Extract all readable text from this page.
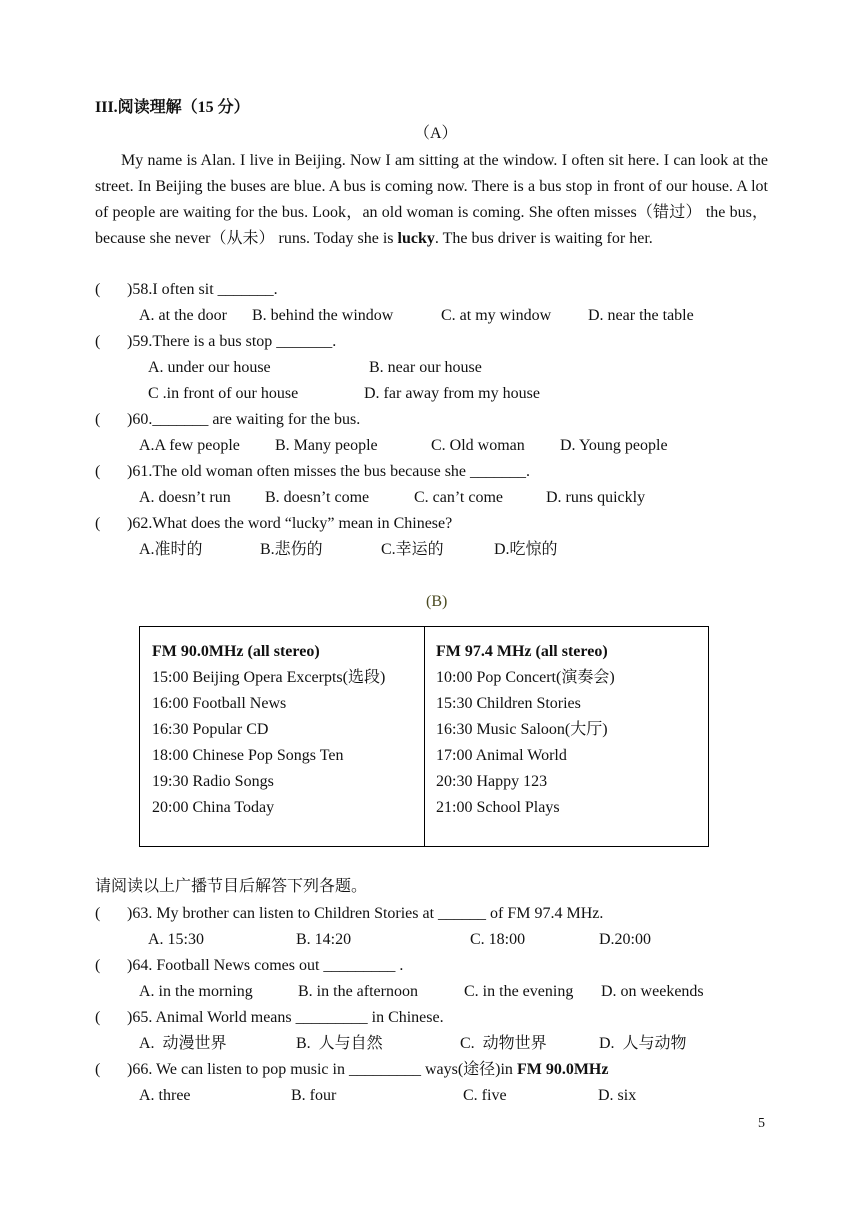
III.阅读理解（15 分）
（A）
My name is Alan. I live in Beijing. Now I am sitting at the window. I often sit here. I can look at the street. In Beijing the buses are blue. A bus is coming now. There is a bus stop in front of our house. A lot of people are waiting for the bus. Look，an old woman is coming. She often misses（错过） the bus，because she never（从未） runs. Today she is lucky. The bus driver is waiting for her.
( )58.I often sit _______.
A. at the door B. behind the window	C. at my window D. near the table
( )59.There is a bus stop _______.
A. under our house	B. near our house
C .in front of our house	D. far away from my house
( )60._______ are waiting for the bus.
A.A few people B. Many people	C. Old woman D. Young people
( )61.The old woman often misses the bus because she _______.
A. doesn’t run B. doesn’t come	C. can’t come	D. runs quickly
( )62.What does the word “lucky” mean in Chinese?
A.准时的	B.悲伤的	C.幸运的	D.吃惊的
(B)
FM 90.0MHz (all stereo)
15:00 Beijing Opera Excerpts(选段)
16:00 Football News
16:30 Popular CD
18:00 Chinese Pop Songs Ten
19:30 Radio Songs
20:00 China Today
FM 97.4 MHz (all stereo)
10:00 Pop Concert(演奏会)
15:30 Children Stories
16:30 Music Saloon(大厅)
17:00 Animal World
20:30 Happy 123
21:00 School Plays
请阅读以上广播节目后解答下列各题。
( )63. My brother can listen to Children Stories at ______ of FM 97.4 MHz.
A. 15:30	B. 14:20	C. 18:00	D.20:00
( )64. Football News comes out _________ .
A. in the morning	B. in the afternoon	C. in the evening D. on weekends
( )65. Animal World means _________ in Chinese.
A.  动漫世界	B.  人与自然	C.  动物世界	D.  人与动物
( )66. We can listen to pop music in _________ ways(途径)in FM 90.0MHz
A. three	B. four	C. five	D. six
5
